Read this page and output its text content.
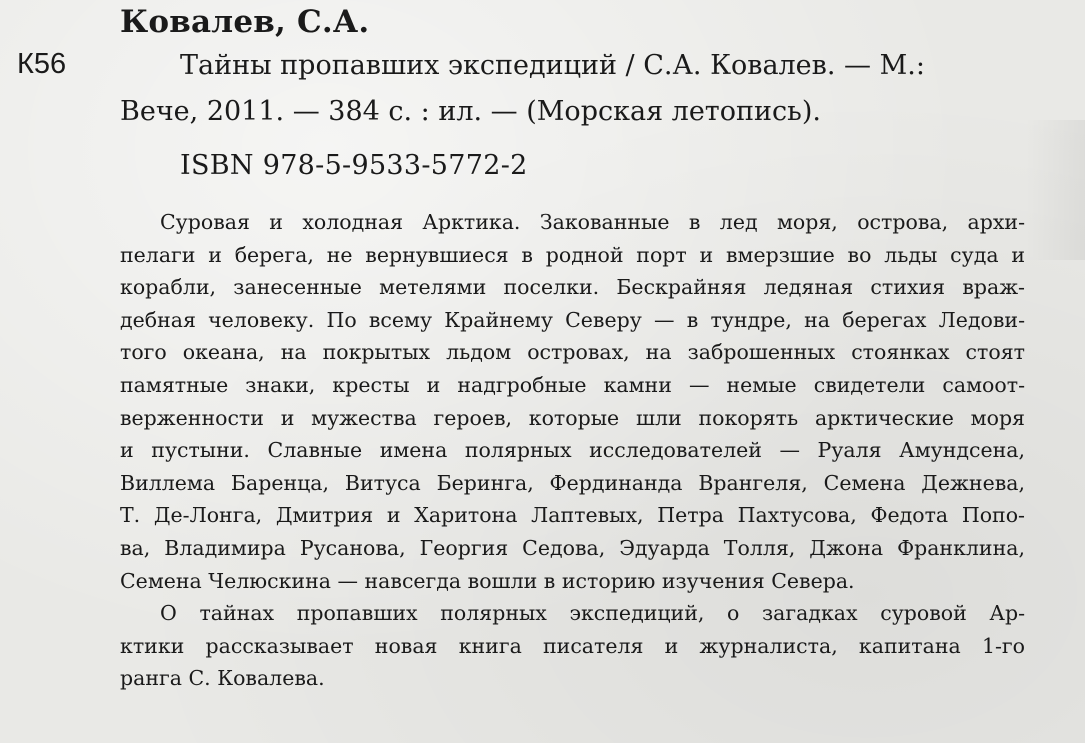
Ковалев, С.А.
К56	Тайны пропавших экспедиций / С.А. Ковалев. — М.:
Вече, 2011. — 384 с. : ил. — (Морская летопись).
ISBN 978-5-9533-5772-2
Суровая и холодная Арктика. Закованные в лед моря, острова, архи-
пелаги и берега, не вернувшиеся в родной порт и вмерзшие во льды суда и
корабли, занесенные метелями поселки. Бескрайняя ледяная стихия враж-
дебная человеку. По всему Крайнему Северу — в тундре, на берегах Ледови-
того океана, на покрытых льдом островах, на заброшенных стоянках стоят
памятные знаки, кресты и надгробные камни — немые свидетели самоот-
верженности и мужества героев, которые шли покорять арктические моря
и пустыни. Славные имена полярных исследователей — Руаля Амундсена,
Виллема Баренца, Витуса Беринга, Фердинанда Врангеля, Семена Дежнева,
Т. Де-Лонга, Дмитрия и Харитона Лаптевых, Петра Пахтусова, Федота Попо-
ва, Владимира Русанова, Георгия Седова, Эдуарда Толля, Джона Франклина,
Семена Челюскина — навсегда вошли в историю изучения Севера.
О тайнах пропавших полярных экспедиций, о загадках суровой Ар-
ктики рассказывает новая книга писателя и журналиста, капитана 1-го
ранга С. Ковалева.
